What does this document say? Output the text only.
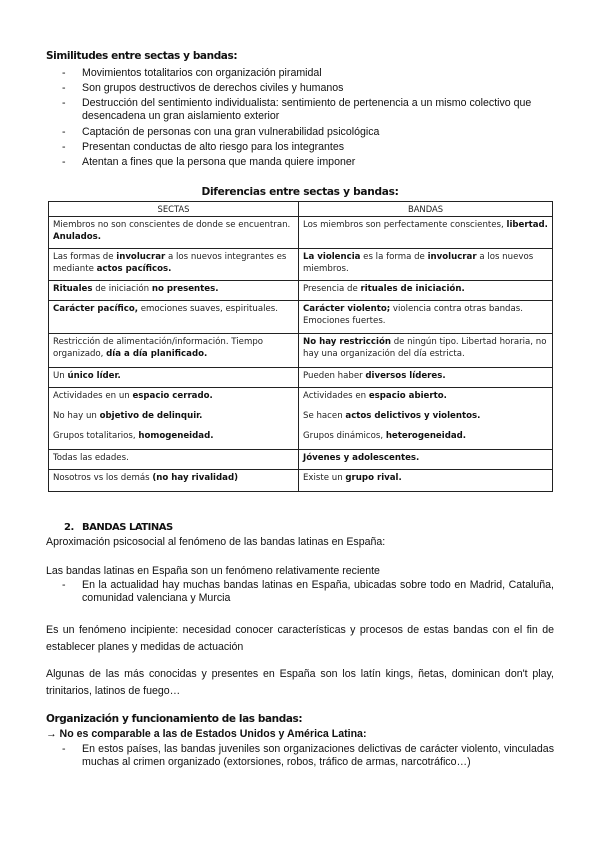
Similitudes entre sectas y bandas:
- Movimientos totalitarios con organización piramidal
- Son grupos destructivos de derechos civiles y humanos
- Destrucción del sentimiento individualista: sentimiento de pertenencia a un mismo colectivo que desencadena un gran aislamiento exterior
- Captación de personas con una gran vulnerabilidad psicológica
- Presentan conductas de alto riesgo para los integrantes
- Atentan a fines que la persona que manda quiere imponer
Diferencias entre sectas y bandas:
SECTAS	BANDAS
Miembros no son conscientes de donde se encuentran. Anulados.	Los miembros son perfectamente conscientes, libertad.
Las formas de involucrar a los nuevos integrantes es mediante actos pacíficos.	La violencia es la forma de involucrar a los nuevos miembros.
Rituales de iniciación no presentes.	Presencia de rituales de iniciación.
Carácter pacífico, emociones suaves, espirituales.	Carácter violento; violencia contra otras bandas. Emociones fuertes.
Restricción de alimentación/información. Tiempo organizado, día a día planificado.	No hay restricción de ningún tipo. Libertad horaria, no hay una organización del día estricta.
Un único líder.	Pueden haber diversos líderes.
Actividades en un espacio cerrado.	Actividades en espacio abierto.
No hay un objetivo de delinquir.	Se hacen actos delictivos y violentos.
Grupos totalitarios, homogeneidad.	Grupos dinámicos, heterogeneidad.
Todas las edades.	Jóvenes y adolescentes.
Nosotros vs los demás (no hay rivalidad)	Existe un grupo rival.
2. BANDAS LATINAS
Aproximación psicosocial al fenómeno de las bandas latinas en España:
Las bandas latinas en España son un fenómeno relativamente reciente
- En la actualidad hay muchas bandas latinas en España, ubicadas sobre todo en Madrid, Cataluña, comunidad valenciana y Murcia
Es un fenómeno incipiente: necesidad conocer características y procesos de estas bandas con el fin de establecer planes y medidas de actuación
Algunas de las más conocidas y presentes en España son los latín kings, ñetas, dominican don't play, trinitarios, latinos de fuego…
Organización y funcionamiento de las bandas:
→ No es comparable a las de Estados Unidos y América Latina:
- En estos países, las bandas juveniles son organizaciones delictivas de carácter violento, vinculadas muchas al crimen organizado (extorsiones, robos, tráfico de armas, narcotráfico…)
